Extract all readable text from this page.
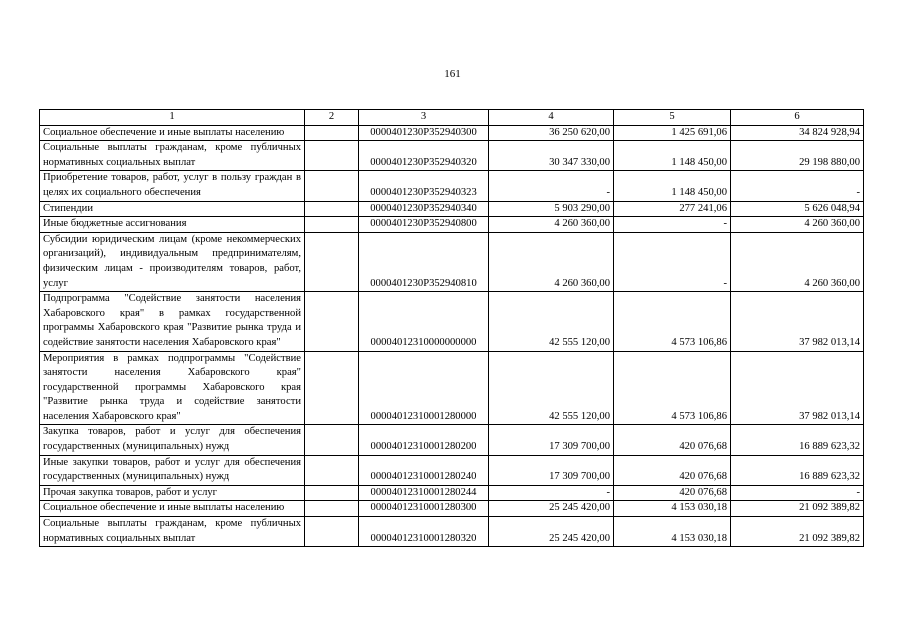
161
1	2	3	4	5	6
Социальное обеспечение и иные выплаты населению		0000401230P352940300	36 250 620,00	1 425 691,06	34 824 928,94
Социальные выплаты гражданам, кроме публичных нормативных социальных выплат		0000401230P352940320	30 347 330,00	1 148 450,00	29 198 880,00
Приобретение товаров, работ, услуг в пользу граждан в целях их социального обеспечения		0000401230P352940323	-	1 148 450,00	-
Стипендии		0000401230P352940340	5 903 290,00	277 241,06	5 626 048,94
Иные бюджетные ассигнования		0000401230P352940800	4 260 360,00	-	4 260 360,00
Субсидии юридическим лицам (кроме некоммерческих организаций), индивидуальным предпринимателям, физическим лицам - производителям товаров, работ, услуг		0000401230P352940810	4 260 360,00	-	4 260 360,00
Подпрограмма "Содействие занятости населения Хабаровского края" в рамках государственной программы Хабаровского края "Развитие рынка труда и содействие занятости населения Хабаровского края"		00004012310000000000	42 555 120,00	4 573 106,86	37 982 013,14
Мероприятия в рамках подпрограммы "Содействие занятости населения Хабаровского края" государственной программы Хабаровского края "Развитие рынка труда и содействие занятости населения Хабаровского края"		00004012310001280000	42 555 120,00	4 573 106,86	37 982 013,14
Закупка товаров, работ и услуг для обеспечения государственных (муниципальных) нужд		00004012310001280200	17 309 700,00	420 076,68	16 889 623,32
Иные закупки товаров, работ и услуг для обеспечения государственных (муниципальных) нужд		00004012310001280240	17 309 700,00	420 076,68	16 889 623,32
Прочая закупка товаров, работ и услуг		00004012310001280244	-	420 076,68	-
Социальное обеспечение и иные выплаты населению		00004012310001280300	25 245 420,00	4 153 030,18	21 092 389,82
Социальные выплаты гражданам, кроме публичных нормативных социальных выплат		00004012310001280320	25 245 420,00	4 153 030,18	21 092 389,82
